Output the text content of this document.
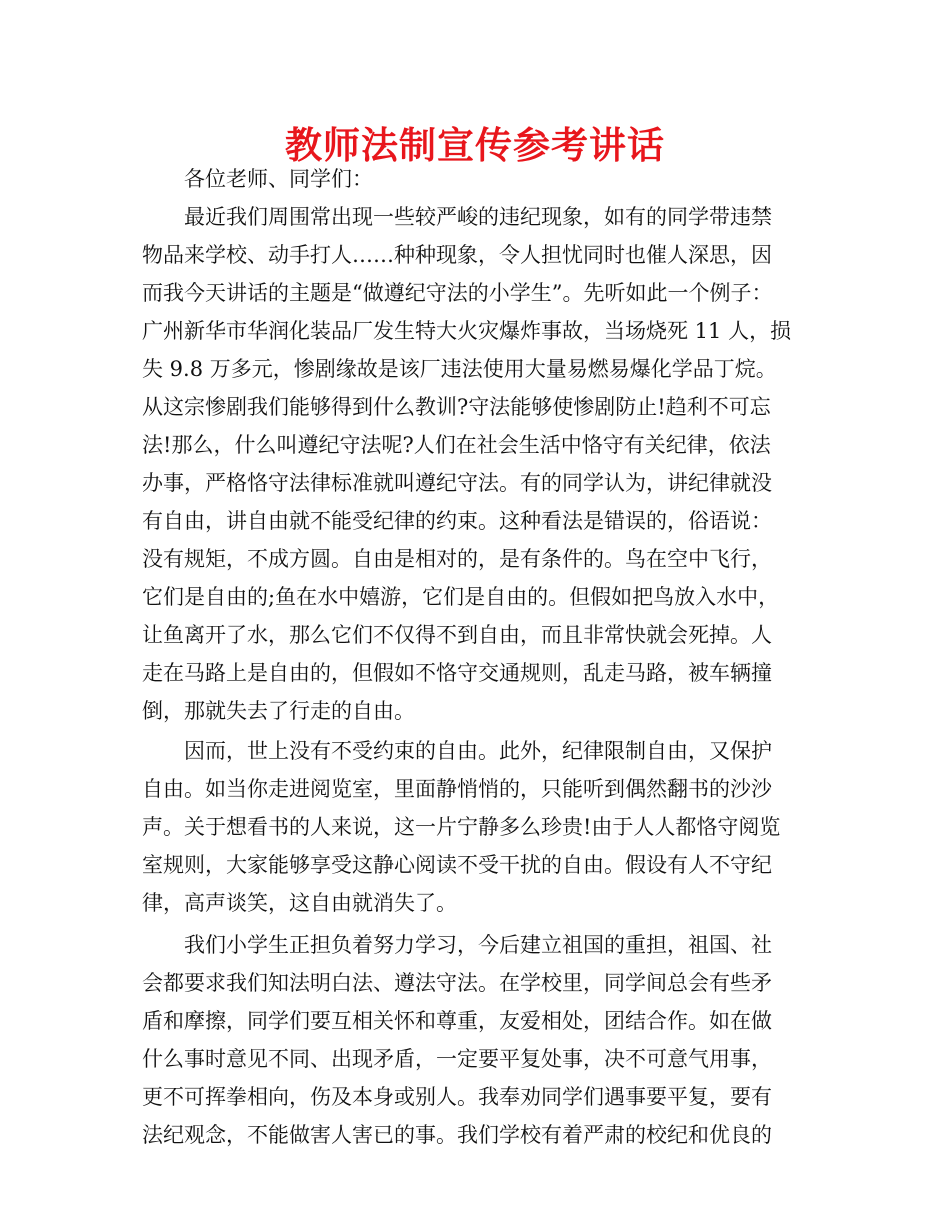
教师法制宣传参考讲话
各位老师、同学们：
最近我们周围常出现一些较严峻的违纪现象，如有的同学带违禁
物品来学校、动手打人……种种现象，令人担忧同时也催人深思，因
而我今天讲话的主题是“做遵纪守法的小学生”。先听如此一个例子：
广州新华市华润化装品厂发生特大火灾爆炸事故，当场烧死 11 人，损
失 9.8 万多元，惨剧缘故是该厂违法使用大量易燃易爆化学品丁烷。
从这宗惨剧我们能够得到什么教训?守法能够使惨剧防止!趋利不可忘
法!那么，什么叫遵纪守法呢?人们在社会生活中恪守有关纪律，依法
办事，严格恪守法律标准就叫遵纪守法。有的同学认为，讲纪律就没
有自由，讲自由就不能受纪律的约束。这种看法是错误的，俗语说：
没有规矩，不成方圆。自由是相对的，是有条件的。鸟在空中飞行，
它们是自由的;鱼在水中嬉游，它们是自由的。但假如把鸟放入水中，
让鱼离开了水，那么它们不仅得不到自由，而且非常快就会死掉。人
走在马路上是自由的，但假如不恪守交通规则，乱走马路，被车辆撞
倒，那就失去了行走的自由。
因而，世上没有不受约束的自由。此外，纪律限制自由，又保护
自由。如当你走进阅览室，里面静悄悄的，只能听到偶然翻书的沙沙
声。关于想看书的人来说，这一片宁静多么珍贵!由于人人都恪守阅览
室规则，大家能够享受这静心阅读不受干扰的自由。假设有人不守纪
律，高声谈笑，这自由就消失了。
我们小学生正担负着努力学习，今后建立祖国的重担，祖国、社
会都要求我们知法明白法、遵法守法。在学校里，同学间总会有些矛
盾和摩擦，同学们要互相关怀和尊重，友爱相处，团结合作。如在做
什么事时意见不同、出现矛盾，一定要平复处事，决不可意气用事，
更不可挥拳相向，伤及本身或别人。我奉劝同学们遇事要平复，要有
法纪观念，不能做害人害已的事。我们学校有着严肃的校纪和优良的
